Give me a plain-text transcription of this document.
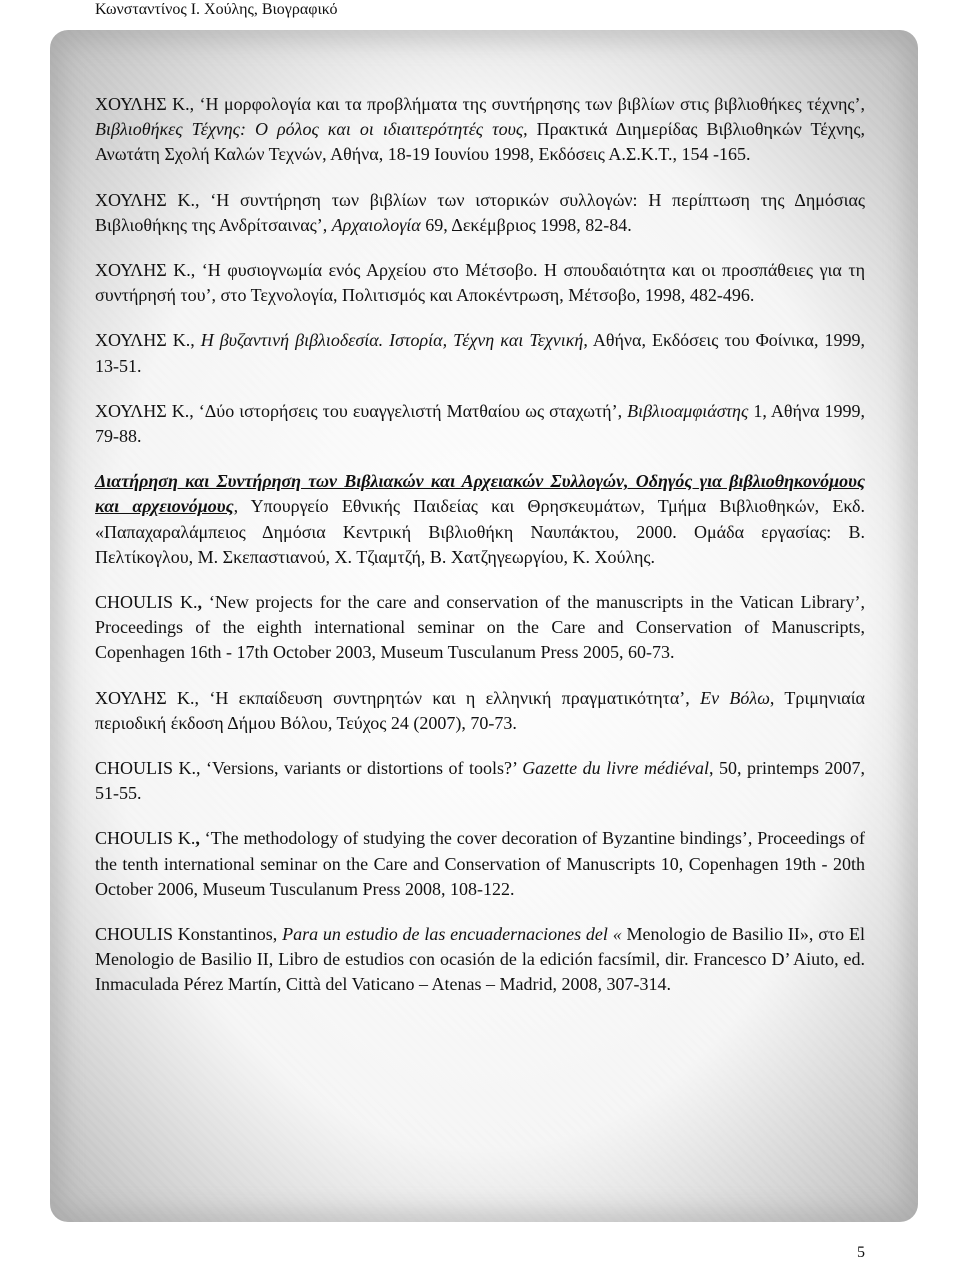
Κωνσταντίνος Ι. Χούλης, Βιογραφικό

ΧΟΥΛΗΣ Κ., ‘Η μορφολογία και τα προβλήματα της συντήρησης των βιβλίων στις βιβλιοθήκες τέχνης’, Βιβλιοθήκες Τέχνης: Ο ρόλος και οι ιδιαιτερότητές τους, Πρακτικά Διημερίδας Βιβλιοθηκών Τέχνης, Ανωτάτη Σχολή Καλών Τεχνών, Αθήνα, 18-19 Ιουνίου 1998, Εκδόσεις Α.Σ.Κ.Τ., 154 -165.

ΧΟΥΛΗΣ Κ., ‘Η συντήρηση των βιβλίων των ιστορικών συλλογών: Η περίπτωση της Δημόσιας Βιβλιοθήκης της Ανδρίτσαινας’, Αρχαιολογία 69, Δεκέμβριος 1998, 82-84.

ΧΟΥΛΗΣ Κ., ‘Η φυσιογνωμία ενός Αρχείου στο Μέτσοβο. Η σπουδαιότητα και οι προσπάθειες για τη συντήρησή του’, στο Τεχνολογία, Πολιτισμός και Αποκέντρωση, Μέτσοβο, 1998, 482-496.

ΧΟΥΛΗΣ Κ., Η βυζαντινή βιβλιοδεσία. Ιστορία, Τέχνη και Τεχνική, Αθήνα, Εκδόσεις του Φοίνικα, 1999, 13-51.

ΧΟΥΛΗΣ Κ., ‘Δύο ιστορήσεις του ευαγγελιστή Ματθαίου ως σταχωτή’, Βιβλιοαμφιάστης 1, Αθήνα 1999, 79-88.

Διατήρηση και Συντήρηση των Βιβλιακών και Αρχειακών Συλλογών, Οδηγός για βιβλιοθηκονόμους και αρχειονόμους, Υπουργείο Εθνικής Παιδείας και Θρησκευμάτων, Τμήμα Βιβλιοθηκών, Εκδ. «Παπαχαραλάμπειος Δημόσια Κεντρική Βιβλιοθήκη Ναυπάκτου, 2000. Ομάδα εργασίας: Β. Πελτίκογλου, Μ. Σκεπαστιανού, Χ. Τζιαμτζή, Β. Χατζηγεωργίου, Κ. Χούλης.

CHOULIS K., ‘New projects for the care and conservation of the manuscripts in the Vatican Library’, Proceedings of the eighth international seminar on the Care and Conservation of Manuscripts, Copenhagen 16th - 17th October 2003, Museum Tusculanum Press 2005, 60-73.

ΧΟΥΛΗΣ Κ., ‘Η εκπαίδευση συντηρητών και η ελληνική πραγματικότητα’, Εν Βόλω, Τριμηνιαία περιοδική έκδοση Δήμου Βόλου, Τεύχος 24 (2007), 70-73.

CHOULIS K., ‘Versions, variants or distortions of tools?’ Gazette du livre médiéval, 50, printemps 2007, 51-55.

CHOULIS K., ‘The methodology of studying the cover decoration of Byzantine bindings’, Proceedings of the tenth international seminar on the Care and Conservation of Manuscripts 10, Copenhagen 19th - 20th October 2006, Museum Tusculanum Press 2008, 108-122.

CHOULIS Konstantinos, Para un estudio de las encuadernaciones del « Menologio de Basilio II», στο El Menologio de Basilio II, Libro de estudios con ocasión de la edición facsímil, dir. Francesco D’ Aiuto, ed. Inmaculada Pérez Martín, Città del Vaticano – Atenas – Madrid, 2008, 307-314.

5
